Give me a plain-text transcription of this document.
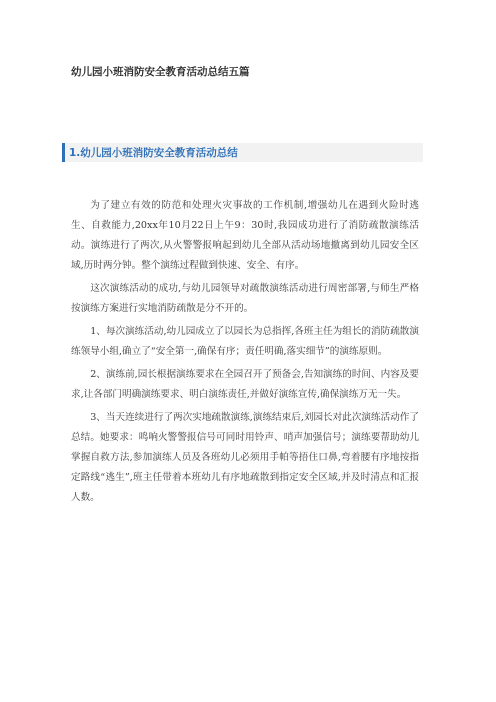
幼儿园小班消防安全教育活动总结五篇
1.幼儿园小班消防安全教育活动总结

为了建立有效的防范和处理火灾事故的工作机制,增强幼儿在遇到火险时逃生、自救能力,20xx年10月22日上午9：30时,我园成功进行了消防疏散演练活动。演练进行了两次,从火警警报响起到幼儿全部从活动场地撤离到幼儿园安全区域,历时两分钟。整个演练过程做到快速、安全、有序。

这次演练活动的成功,与幼儿园领导对疏散演练活动进行周密部署,与师生严格按演练方案进行实地消防疏散是分不开的。

1、每次演练活动,幼儿园成立了以园长为总指挥,各班主任为组长的消防疏散演练领导小组,确立了“安全第一,确保有序；责任明确,落实细节”的演练原则。

2、演练前,园长根据演练要求在全园召开了预备会,告知演练的时间、内容及要求,让各部门明确演练要求、明白演练责任,并做好演练宣传,确保演练万无一失。

3、当天连续进行了两次实地疏散演练,演练结束后,刘园长对此次演练活动作了总结。她要求：鸣响火警警报信号可同时用铃声、哨声加强信号；演练要帮助幼儿掌握自救方法,参加演练人员及各班幼儿必须用手帕等捂住口鼻,弯着腰有序地按指定路线“逃生”,班主任带着本班幼儿有序地疏散到指定安全区域,并及时清点和汇报人数。
